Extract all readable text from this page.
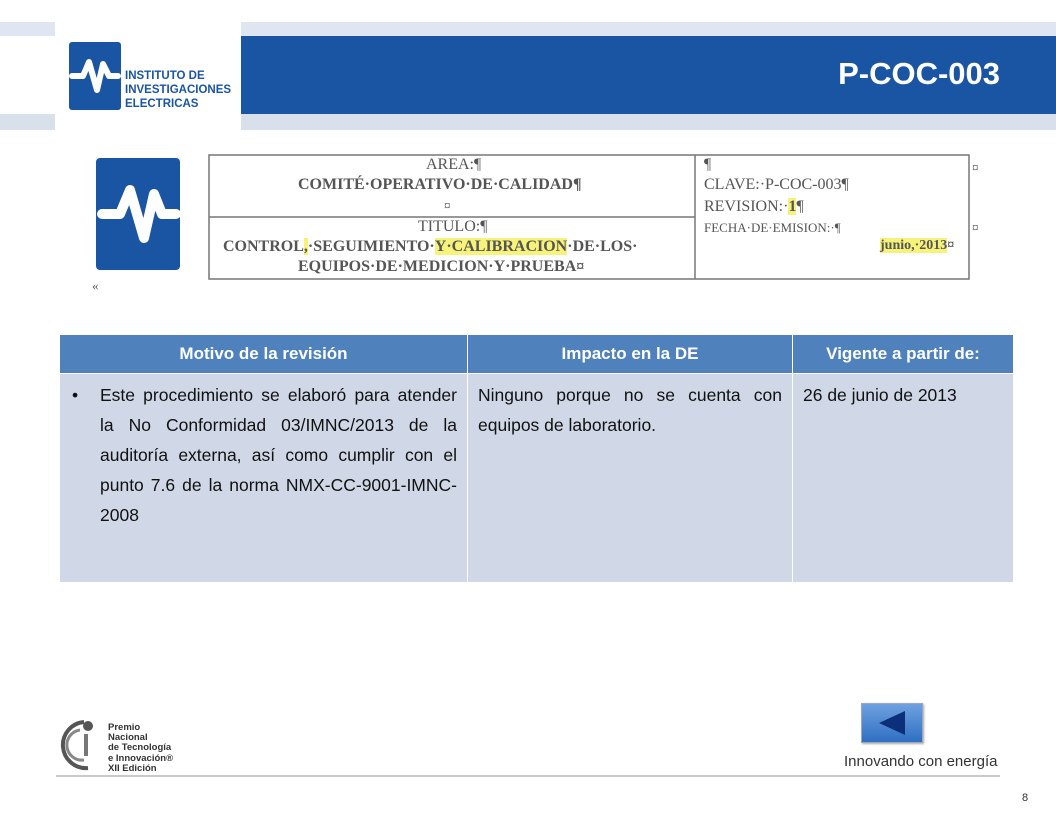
P-COC-003
INSTITUTO DE
INVESTIGACIONES
ELECTRICAS
«
AREA:¶
COMITÉ·OPERATIVO·DE·CALIDAD¶
¤
TITULO:¶
CONTROL,·SEGUIMIENTO·Y·CALIBRACION·DE·LOS·
EQUIPOS·DE·MEDICION·Y·PRUEBA¤
¶
CLAVE:·P-COC-003¶
REVISION:·1¶
FECHA·DE·EMISION:·¶
junio,·2013¤
¤
¤
Motivo de la revisión	Impacto en la DE	Vigente a partir de:

• Este procedimiento se elaboró para atender la No Conformidad 03/IMNC/2013 de la auditoría externa, así como cumplir con el punto 7.6 de la norma NMX-CC-9001-IMNC-2008	Ninguno porque no se cuenta con equipos de laboratorio.	26 de junio de 2013
Premio
Nacional
de Tecnología
e Innovación®
XII Edición	Innovando con energía
8
